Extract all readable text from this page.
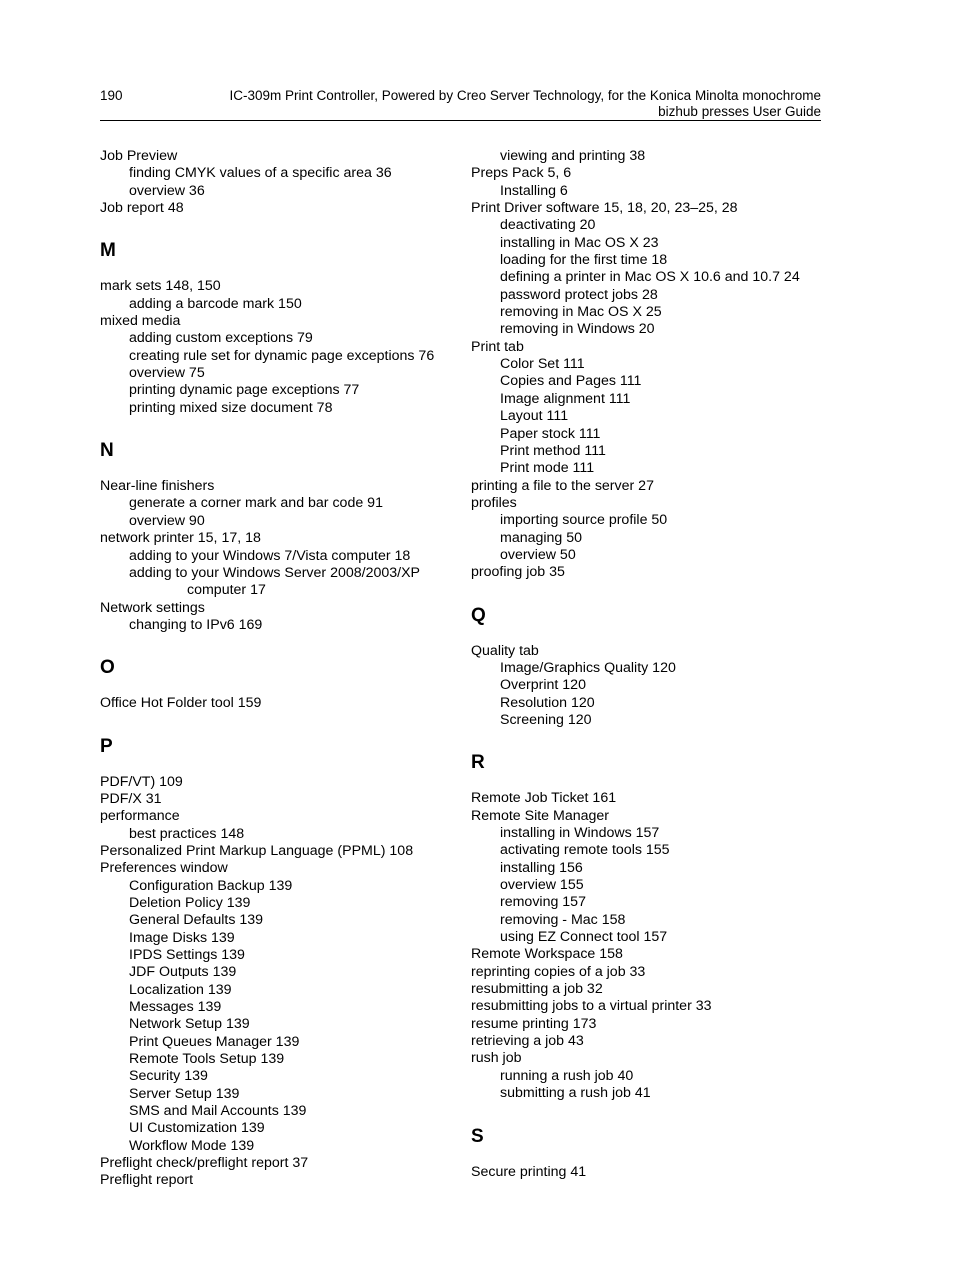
190	IC-309m Print Controller, Powered by Creo Server Technology, for the Konica Minolta monochrome
bizhub presses User Guide
Job Preview
finding CMYK values of a specific area 36
overview 36
Job report 48
M
mark sets 148, 150
adding a barcode mark 150
mixed media
adding custom exceptions 79
creating rule set for dynamic page exceptions 76
overview 75
printing dynamic page exceptions 77
printing mixed size document 78
N
Near-line finishers
generate a corner mark and bar code 91
overview 90
network printer 15, 17, 18
adding to your Windows 7/Vista computer 18
adding to your Windows Server 2008/2003/XP
computer 17
Network settings
changing to IPv6 169
O
Office Hot Folder tool 159
P
PDF/VT) 109
PDF/X 31
performance
best practices 148
Personalized Print Markup Language (PPML) 108
Preferences window
Configuration Backup 139
Deletion Policy 139
General Defaults 139
Image Disks 139
IPDS Settings 139
JDF Outputs 139
Localization 139
Messages 139
Network Setup 139
Print Queues Manager 139
Remote Tools Setup 139
Security 139
Server Setup 139
SMS and Mail Accounts 139
UI Customization 139
Workflow Mode 139
Preflight check/preflight report 37
Preflight report
viewing and printing 38
Preps Pack 5, 6
Installing 6
Print Driver software 15, 18, 20, 23–25, 28
deactivating 20
installing in Mac OS X 23
loading for the first time 18
defining a printer in Mac OS X 10.6 and 10.7 24
password protect jobs 28
removing in Mac OS X 25
removing in Windows 20
Print tab
Color Set 111
Copies and Pages 111
Image alignment 111
Layout 111
Paper stock 111
Print method 111
Print mode 111
printing a file to the server 27
profiles
importing source profile 50
managing 50
overview 50
proofing job 35
Q
Quality tab
Image/Graphics Quality 120
Overprint 120
Resolution 120
Screening 120
R
Remote Job Ticket 161
Remote Site Manager
installing in Windows 157
activating remote tools 155
installing 156
overview 155
removing 157
removing - Mac 158
using EZ Connect tool 157
Remote Workspace 158
reprinting copies of a job 33
resubmitting a job 32
resubmitting jobs to a virtual printer 33
resume printing 173
retrieving a job 43
rush job
running a rush job 40
submitting a rush job 41
S
Secure printing 41
